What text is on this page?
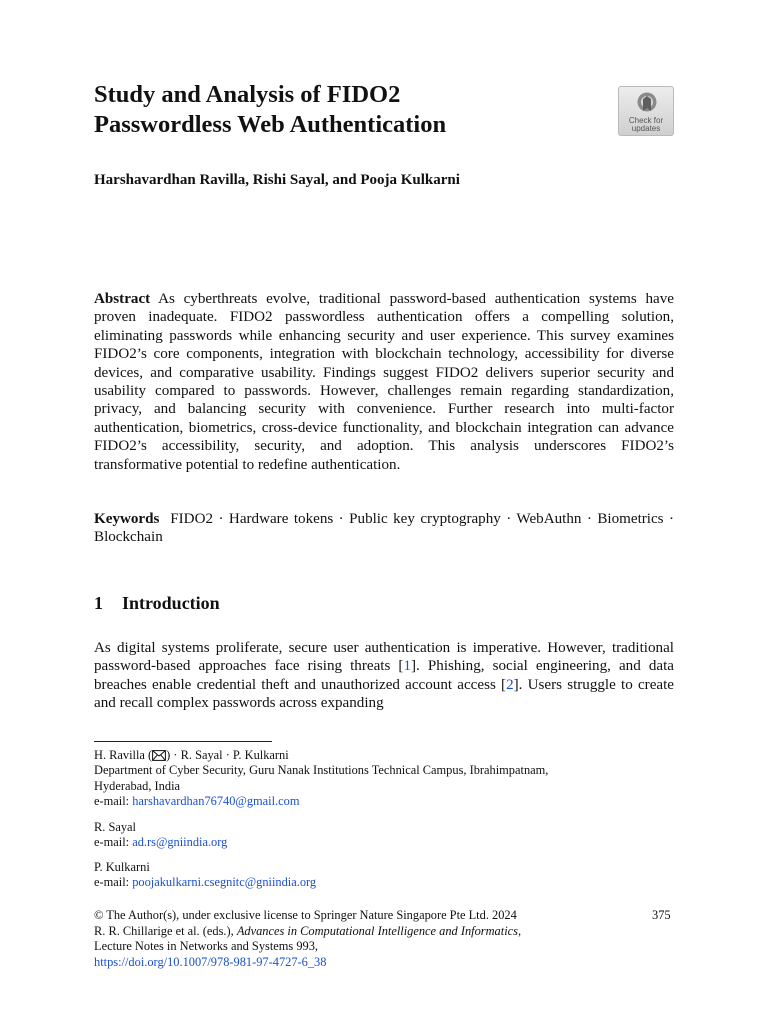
Study and Analysis of FIDO2
Passwordless Web Authentication	Check for
updates

Harshavardhan Ravilla, Rishi Sayal, and Pooja Kulkarni

Abstract As cyberthreats evolve, traditional password-based authentication systems have proven inadequate. FIDO2 passwordless authentication offers a compelling solution, eliminating passwords while enhancing security and user experience. This survey examines FIDO2’s core components, integration with blockchain technology, accessibility for diverse devices, and comparative usability. Findings suggest FIDO2 delivers superior security and usability compared to passwords. However, challenges remain regarding standardization, privacy, and balancing security with convenience. Further research into multi-factor authentication, biometrics, cross-device functionality, and blockchain integration can advance FIDO2’s accessibility, security, and adoption. This analysis underscores FIDO2’s transformative potential to redefine authentication.

Keywords FIDO2 · Hardware tokens · Public key cryptography · WebAuthn · Biometrics · Blockchain

1 Introduction

As digital systems proliferate, secure user authentication is imperative. However, traditional password-based approaches face rising threats [1]. Phishing, social engineering, and data breaches enable credential theft and unauthorized account access [2]. Users struggle to create and recall complex passwords across expanding

H. Ravilla ( ) · R. Sayal · P. Kulkarni
Department of Cyber Security, Guru Nanak Institutions Technical Campus, Ibrahimpatnam,
Hyderabad, India
e-mail: harshavardhan76740@gmail.com

R. Sayal
e-mail: ad.rs@gniindia.org

P. Kulkarni
e-mail: poojakulkarni.csegnitc@gniindia.org

© The Author(s), under exclusive license to Springer Nature Singapore Pte Ltd. 2024
R. R. Chillarige et al. (eds.), Advances in Computational Intelligence and Informatics,
Lecture Notes in Networks and Systems 993,
https://doi.org/10.1007/978-981-97-4727-6_38

375
